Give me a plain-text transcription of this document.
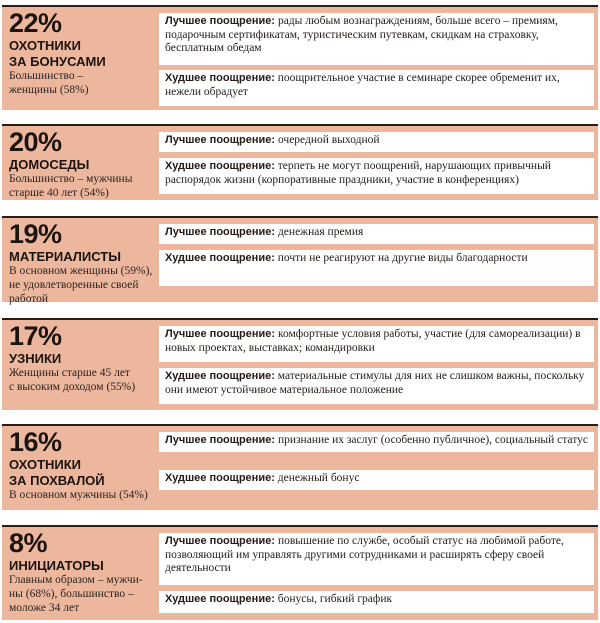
22%
ОХОТНИКИ
ЗА БОНУСАМИ
Большинство –
женщины (58%)
Лучшее поощрение: рады любым вознаграждениям, больше всего – премиям, подарочным сертификатам, туристическим путевкам, скидкам на страховку, бесплатным обедам
Худшее поощрение: поощрительное участие в семинаре скорее обременит их, нежели обрадует
20%
ДОМОСЕДЫ
Большинство – мужчины
старше 40 лет (54%)
Лучшее поощрение: очередной выходной
Худшее поощрение: терпеть не могут поощрений, нарушающих привычный распорядок жизни (корпоративные праздники, участие в конференциях)
19%
МАТЕРИАЛИСТЫ
В основном женщины (59%),
не удовлетворенные своей
работой
Лучшее поощрение: денежная премия
Худшее поощрение: почти не реагируют на другие виды благодарности
17%
УЗНИКИ
Женщины старше 45 лет
с высоким доходом (55%)
Лучшее поощрение: комфортные условия работы, участие (для самореализации) в новых проектах, выставках; командировки
Худшее поощрение: материальные стимулы для них не слишком важны, поскольку они имеют устойчивое материальное положение
16%
ОХОТНИКИ
ЗА ПОХВАЛОЙ
В основном мужчины (54%)
Лучшее поощрение: признание их заслуг (особенно публичное), социальный статус
Худшее поощрение: денежный бонус
8%
ИНИЦИАТОРЫ
Главным образом – мужчи-
ны (68%), большинство –
моложе 34 лет
Лучшее поощрение: повышение по службе, особый статус на любимой работе, позволяющий им управлять другими сотрудниками и расширять сферу своей деятельности
Худшее поощрение: бонусы, гибкий график
